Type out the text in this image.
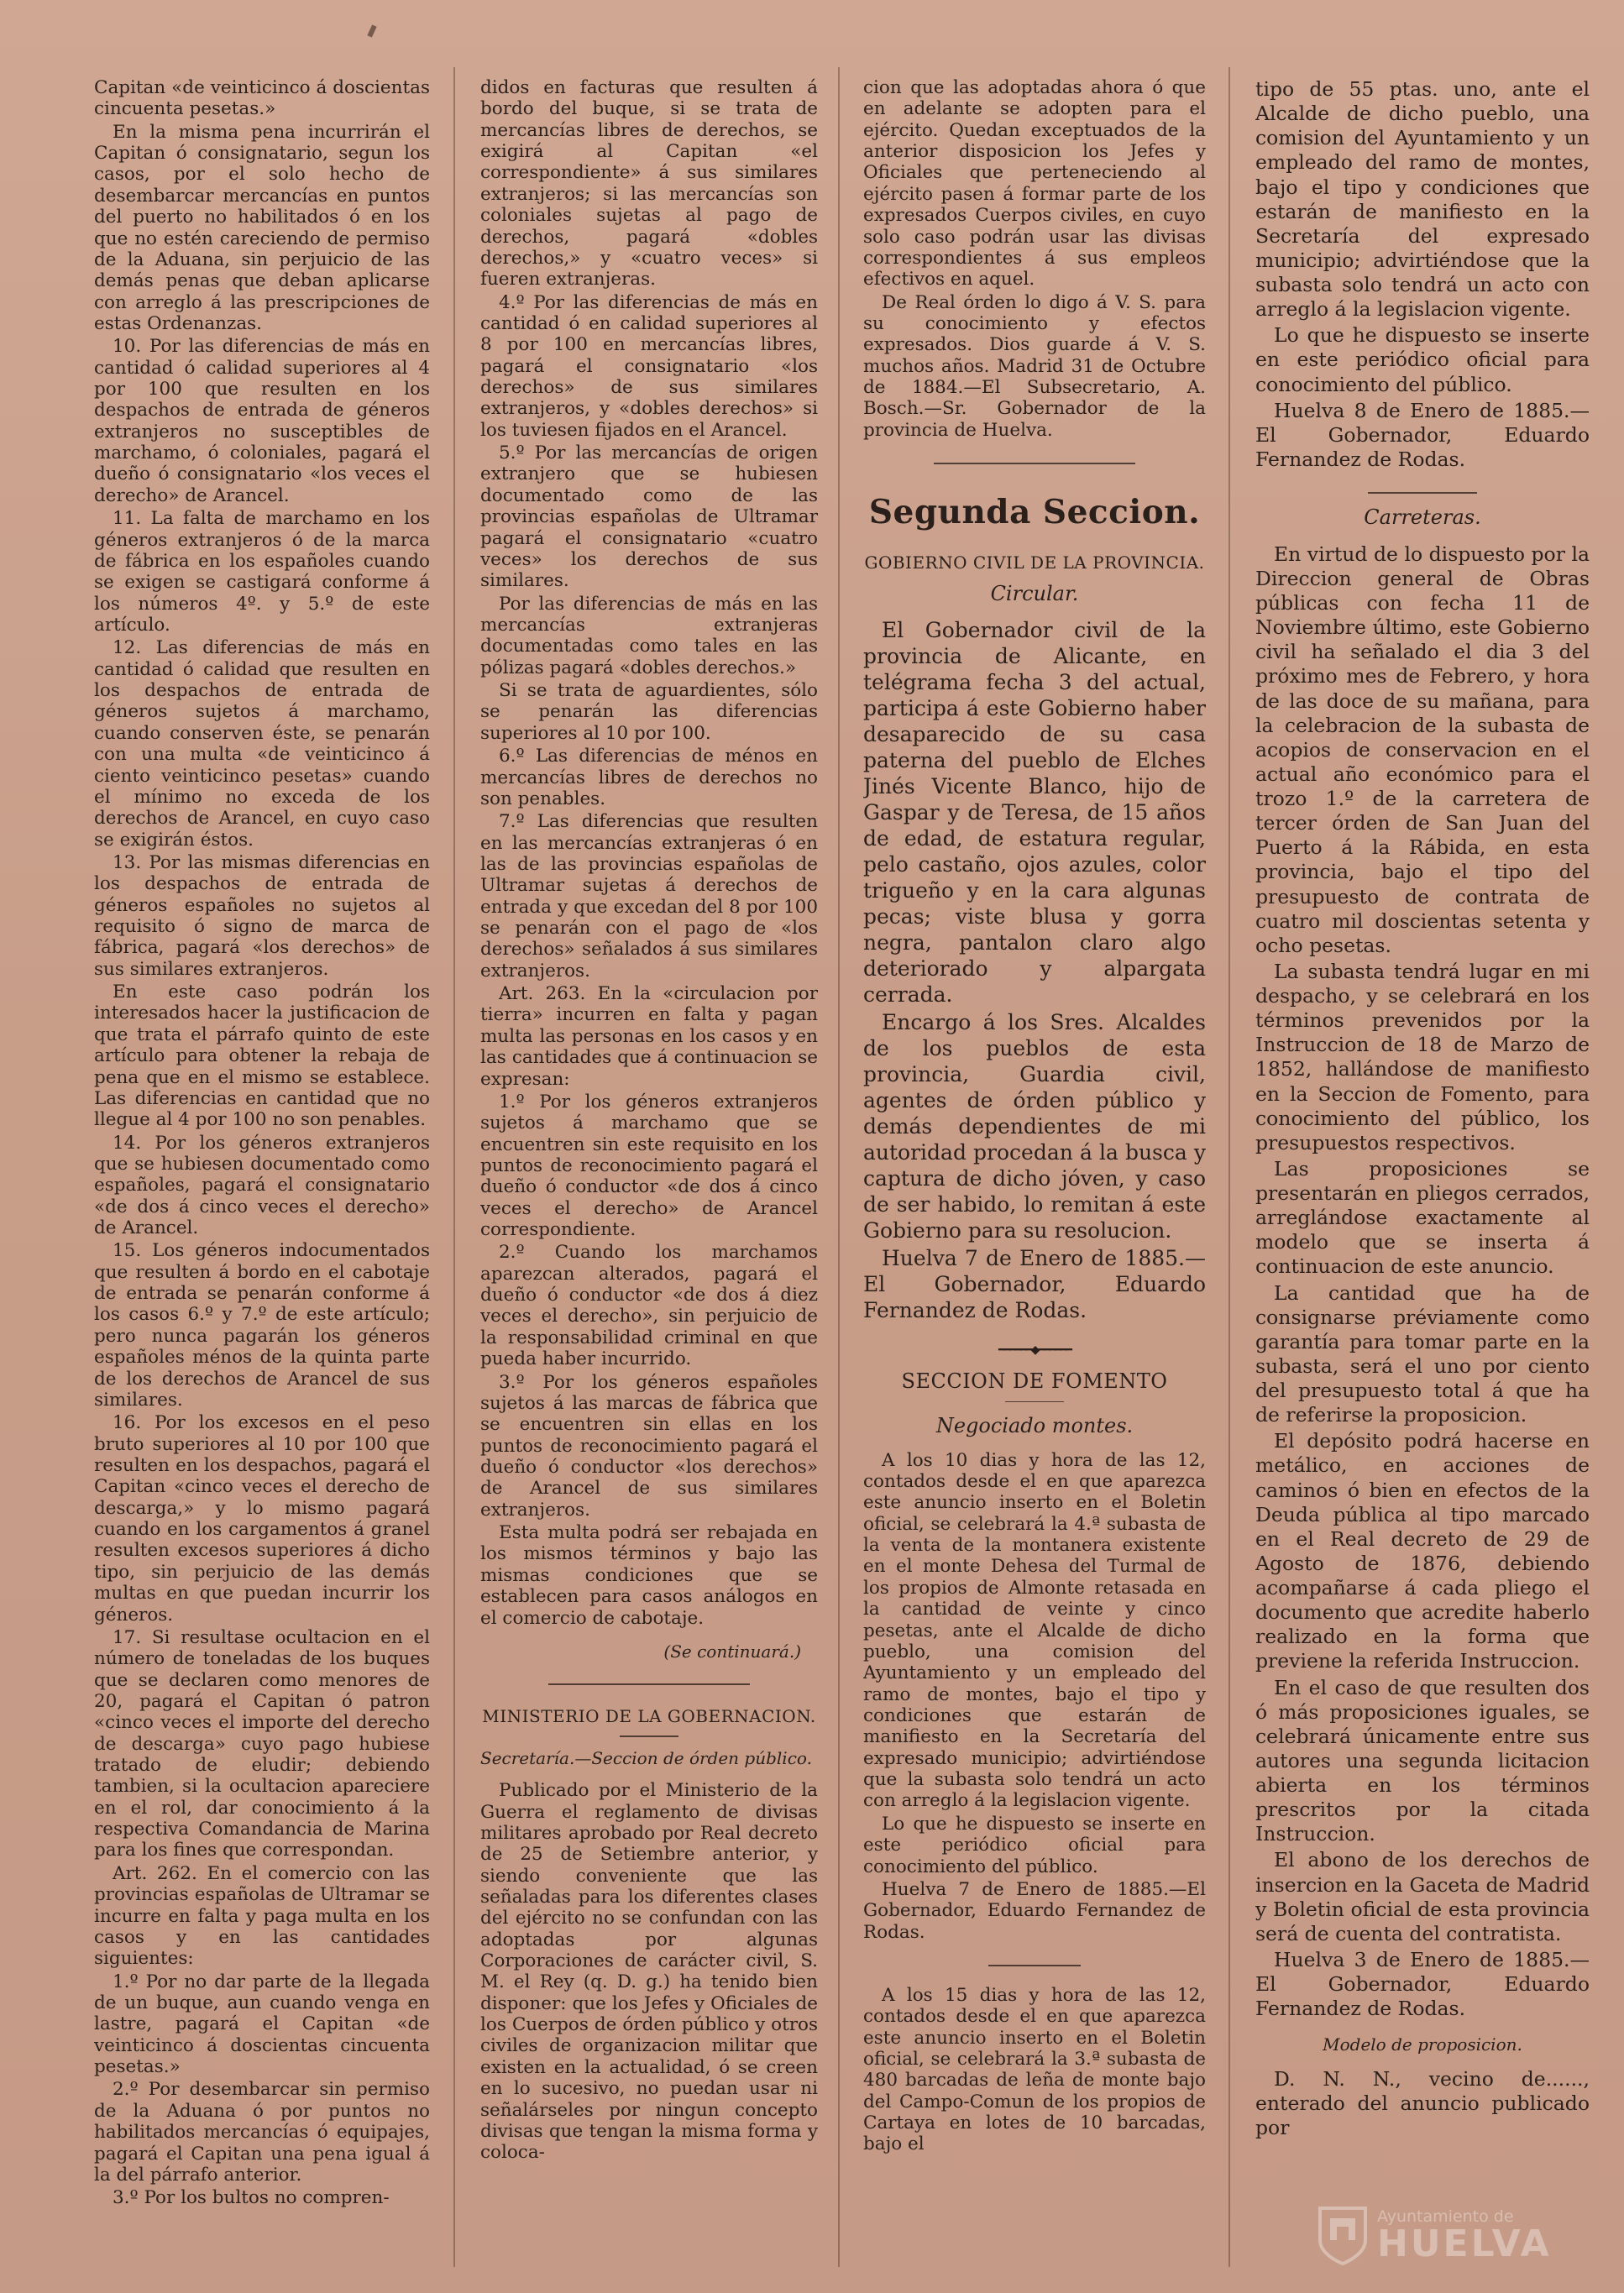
Capitan «de veinticinco á doscientas cincuenta pesetas.»

En la misma pena incurrirán el Capitan ó consignatario, segun los casos, por el solo hecho de desembarcar mercancías en puntos del puerto no habilitados ó en los que no estén careciendo de permiso de la Aduana, sin perjuicio de las demás penas que deban aplicarse con arreglo á las prescripciones de estas Ordenanzas.

10. Por las diferencias de más en cantidad ó calidad superiores al 4 por 100 que resulten en los despachos de entrada de géneros extranjeros no susceptibles de marchamo, ó coloniales, pagará el dueño ó consignatario «los veces el derecho» de Arancel.

11. La falta de marchamo en los géneros extranjeros ó de la marca de fábrica en los españoles cuando se exigen se castigará conforme á los números 4º. y 5.º de este artículo.

12. Las diferencias de más en cantidad ó calidad que resulten en los despachos de entrada de géneros sujetos á marchamo, cuando conserven éste, se penarán con una multa «de veinticinco á ciento veinticinco pesetas» cuando el mínimo no exceda de los derechos de Arancel, en cuyo caso se exigirán éstos.

13. Por las mismas diferencias en los despachos de entrada de géneros españoles no sujetos al requisito ó signo de marca de fábrica, pagará «los derechos» de sus similares extranjeros.

En este caso podrán los interesados hacer la justificacion de que trata el párrafo quinto de este artículo para obtener la rebaja de pena que en el mismo se establece. Las diferencias en cantidad que no llegue al 4 por 100 no son penables.

14. Por los géneros extranjeros que se hubiesen documentado como españoles, pagará el consignatario «de dos á cinco veces el derecho» de Arancel.

15. Los géneros indocumentados que resulten á bordo en el cabotaje de entrada se penarán conforme á los casos 6.º y 7.º de este artículo; pero nunca pagarán los géneros españoles ménos de la quinta parte de los derechos de Arancel de sus similares.

16. Por los excesos en el peso bruto superiores al 10 por 100 que resulten en los despachos, pagará el Capitan «cinco veces el derecho de descarga,» y lo mismo pagará cuando en los cargamentos á granel resulten excesos superiores á dicho tipo, sin perjuicio de las demás multas en que puedan incurrir los géneros.

17. Si resultase ocultacion en el número de toneladas de los buques que se declaren como menores de 20, pagará el Capitan ó patron «cinco veces el importe del derecho de descarga» cuyo pago hubiese tratado de eludir; debiendo tambien, si la ocultacion apareciere en el rol, dar conocimiento á la respectiva Comandancia de Marina para los fines que correspondan.

Art. 262. En el comercio con las provincias españolas de Ultramar se incurre en falta y paga multa en los casos y en las cantidades siguientes:

1.º Por no dar parte de la llegada de un buque, aun cuando venga en lastre, pagará el Capitan «de veinticinco á doscientas cincuenta pesetas.»

2.º Por desembarcar sin permiso de la Aduana ó por puntos no habilitados mercancías ó equipajes, pagará el Capitan una pena igual á la del párrafo anterior.

3.º Por los bultos no compren-

didos en facturas que resulten á bordo del buque, si se trata de mercancías libres de derechos, se exigirá al Capitan «el correspondiente» á sus similares extranjeros; si las mercancías son coloniales sujetas al pago de derechos, pagará «dobles derechos,» y «cuatro veces» si fueren extranjeras.

4.º Por las diferencias de más en cantidad ó en calidad superiores al 8 por 100 en mercancías libres, pagará el consignatario «los derechos» de sus similares extranjeros, y «dobles derechos» si los tuviesen fijados en el Arancel.

5.º Por las mercancías de origen extranjero que se hubiesen documentado como de las provincias españolas de Ultramar pagará el consignatario «cuatro veces» los derechos de sus similares.

Por las diferencias de más en las mercancías extranjeras documentadas como tales en las pólizas pagará «dobles derechos.»

Si se trata de aguardientes, sólo se penarán las diferencias superiores al 10 por 100.

6.º Las diferencias de ménos en mercancías libres de derechos no son penables.

7.º Las diferencias que resulten en las mercancías extranjeras ó en las de las provincias españolas de Ultramar sujetas á derechos de entrada y que excedan del 8 por 100 se penarán con el pago de «los derechos» señalados á sus similares extranjeros.

Art. 263. En la «circulacion por tierra» incurren en falta y pagan multa las personas en los casos y en las cantidades que á continuacion se expresan:

1.º Por los géneros extranjeros sujetos á marchamo que se encuentren sin este requisito en los puntos de reconocimiento pagará el dueño ó conductor «de dos á cinco veces el derecho» de Arancel correspondiente.

2.º Cuando los marchamos aparezcan alterados, pagará el dueño ó conductor «de dos á diez veces el derecho», sin perjuicio de la responsabilidad criminal en que pueda haber incurrido.

3.º Por los géneros españoles sujetos á las marcas de fábrica que se encuentren sin ellas en los puntos de reconocimiento pagará el dueño ó conductor «los derechos» de Arancel de sus similares extranjeros.

Esta multa podrá ser rebajada en los mismos términos y bajo las mismas condiciones que se establecen para casos análogos en el comercio de cabotaje.

(Se continuará.)
MINISTERIO DE LA GOBERNACION.

Secretaría.—Seccion de órden público.

Publicado por el Ministerio de la Guerra el reglamento de divisas militares aprobado por Real decreto de 25 de Setiembre anterior, y siendo conveniente que las señaladas para los diferentes clases del ejército no se confundan con las adoptadas por algunas Corporaciones de carácter civil, S. M. el Rey (q. D. g.) ha tenido bien disponer: que los Jefes y Oficiales de los Cuerpos de órden público y otros civiles de organizacion militar que existen en la actualidad, ó se creen en lo sucesivo, no puedan usar ni señalárseles por ningun concepto divisas que tengan la misma forma y coloca-

cion que las adoptadas ahora ó que en adelante se adopten para el ejército. Quedan exceptuados de la anterior disposicion los Jefes y Oficiales que perteneciendo al ejército pasen á formar parte de los expresados Cuerpos civiles, en cuyo solo caso podrán usar las divisas correspondientes á sus empleos efectivos en aquel.

De Real órden lo digo á V. S. para su conocimiento y efectos expresados. Dios guarde á V. S. muchos años. Madrid 31 de Octubre de 1884.—El Subsecretario, A. Bosch.—Sr. Gobernador de la provincia de Huelva.

Segunda Seccion.
GOBIERNO CIVIL DE LA PROVINCIA.
Circular.

El Gobernador civil de la provincia de Alicante, en telégrama fecha 3 del actual, participa á este Gobierno haber desaparecido de su casa paterna del pueblo de Elches Jinés Vicente Blanco, hijo de Gaspar y de Teresa, de 15 años de edad, de estatura regular, pelo castaño, ojos azules, color trigueño y en la cara algunas pecas; viste blusa y gorra negra, pantalon claro algo deteriorado y alpargata cerrada.

Encargo á los Sres. Alcaldes de los pueblos de esta provincia, Guardia civil, agentes de órden público y demás dependientes de mi autoridad procedan á la busca y captura de dicho jóven, y caso de ser habido, lo remitan á este Gobierno para su resolucion.

Huelva 7 de Enero de 1885.—El Gobernador, Eduardo Fernandez de Rodas.

━━━━━━◆━━━━━━
SECCION DE FOMENTO
Negociado montes.

A los 10 dias y hora de las 12, contados desde el en que aparezca este anuncio inserto en el Boletin oficial, se celebrará la 4.ª subasta de la venta de la montanera existente en el monte Dehesa del Turmal de los propios de Almonte retasada en la cantidad de veinte y cinco pesetas, ante el Alcalde de dicho pueblo, una comision del Ayuntamiento y un empleado del ramo de montes, bajo el tipo y condiciones que estarán de manifiesto en la Secretaría del expresado municipio; advirtiéndose que la subasta solo tendrá un acto con arreglo á la legislacion vigente.

Lo que he dispuesto se inserte en este periódico oficial para conocimiento del público.

Huelva 7 de Enero de 1885.—El Gobernador, Eduardo Fernandez de Rodas.

A los 15 dias y hora de las 12, contados desde el en que aparezca este anuncio inserto en el Boletin oficial, se celebrará la 3.ª subasta de 480 barcadas de leña de monte bajo del Campo-Comun de los propios de Cartaya en lotes de 10 barcadas, bajo el

tipo de 55 ptas. uno, ante el Alcalde de dicho pueblo, una comision del Ayuntamiento y un empleado del ramo de montes, bajo el tipo y condiciones que estarán de manifiesto en la Secretaría del expresado municipio; advirtiéndose que la subasta solo tendrá un acto con arreglo á la legislacion vigente.

Lo que he dispuesto se inserte en este periódico oficial para conocimiento del público.

Huelva 8 de Enero de 1885.—El Gobernador, Eduardo Fernandez de Rodas.

Carreteras.

En virtud de lo dispuesto por la Direccion general de Obras públicas con fecha 11 de Noviembre último, este Gobierno civil ha señalado el dia 3 del próximo mes de Febrero, y hora de las doce de su mañana, para la celebracion de la subasta de acopios de conservacion en el actual año económico para el trozo 1.º de la carretera de tercer órden de San Juan del Puerto á la Rábida, en esta provincia, bajo el tipo del presupuesto de contrata de cuatro mil doscientas setenta y ocho pesetas.

La subasta tendrá lugar en mi despacho, y se celebrará en los términos prevenidos por la Instruccion de 18 de Marzo de 1852, hallándose de manifiesto en la Seccion de Fomento, para conocimiento del público, los presupuestos respectivos.

Las proposiciones se presentarán en pliegos cerrados, arreglándose exactamente al modelo que se inserta á continuacion de este anuncio.

La cantidad que ha de consignarse préviamente como garantía para tomar parte en la subasta, será el uno por ciento del presupuesto total á que ha de referirse la proposicion.

El depósito podrá hacerse en metálico, en acciones de caminos ó bien en efectos de la Deuda pública al tipo marcado en el Real decreto de 29 de Agosto de 1876, debiendo acompañarse á cada pliego el documento que acredite haberlo realizado en la forma que previene la referida Instruccion.

En el caso de que resulten dos ó más proposiciones iguales, se celebrará únicamente entre sus autores una segunda licitacion abierta en los términos prescritos por la citada Instruccion.

El abono de los derechos de insercion en la Gaceta de Madrid y Boletin oficial de esta provincia será de cuenta del contratista.

Huelva 3 de Enero de 1885.—El Gobernador, Eduardo Fernandez de Rodas.

Modelo de proposicion.

D. N. N., vecino de......, enterado del anuncio publicado por

Ayuntamiento de
HUELVA
